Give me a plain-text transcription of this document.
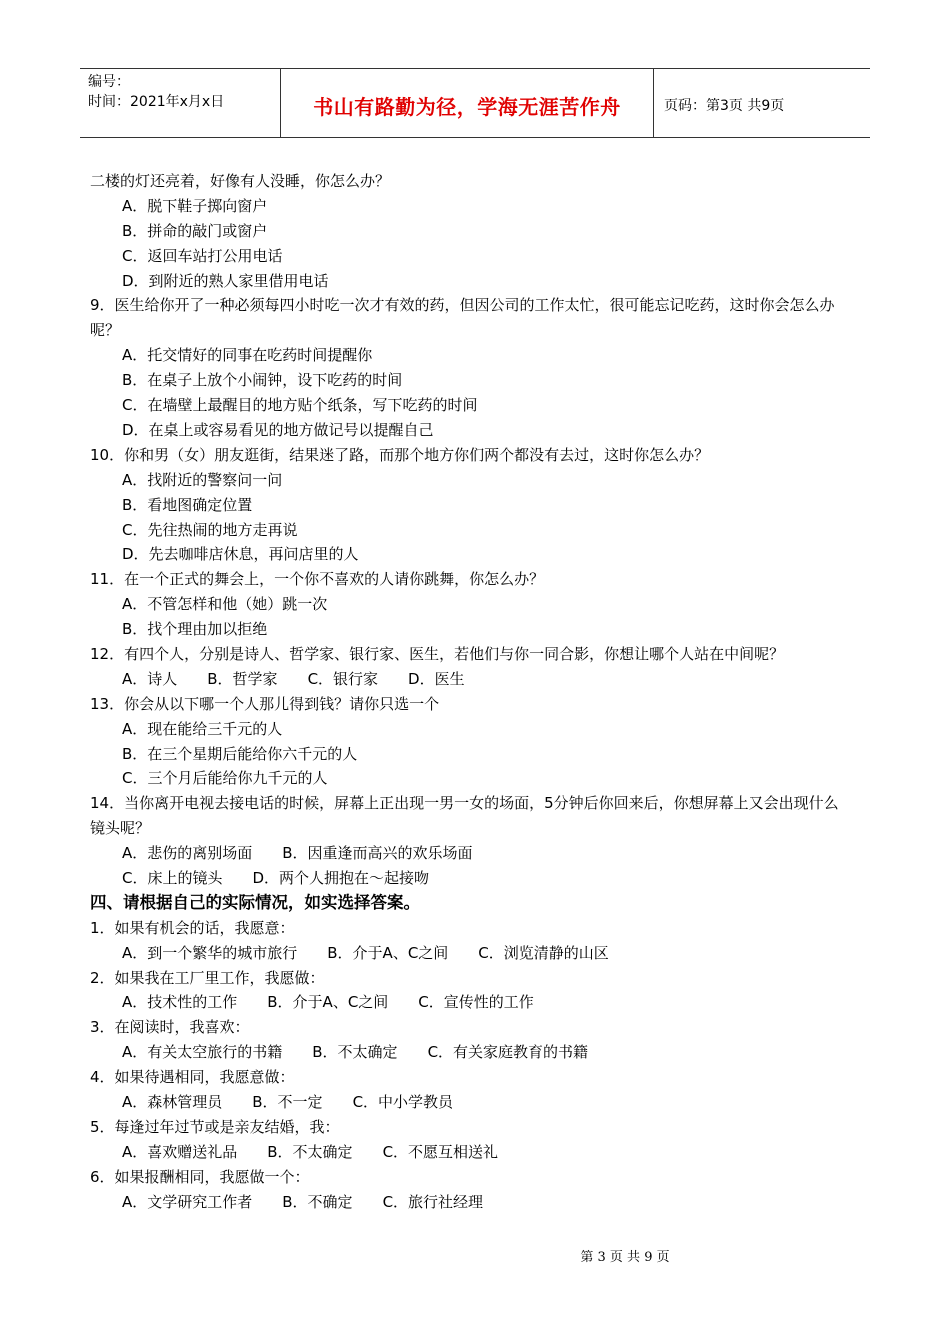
编号：
时间：2021年x月x日	书山有路勤为径，学海无涯苦作舟	页码：第3页 共9页
二楼的灯还亮着，好像有人没睡，你怎么办？
A．脱下鞋子掷向窗户
B．拼命的敲门或窗户
C．返回车站打公用电话
D．到附近的熟人家里借用电话
9．医生给你开了一种必须每四小时吃一次才有效的药，但因公司的工作太忙，很可能忘记吃药，这时你会怎么办呢？
A．托交情好的同事在吃药时间提醒你
B．在桌子上放个小闹钟，设下吃药的时间
C．在墙壁上最醒目的地方贴个纸条，写下吃药的时间
D．在桌上或容易看见的地方做记号以提醒自己
10．你和男（女）朋友逛街，结果迷了路，而那个地方你们两个都没有去过，这时你怎么办？
A．找附近的警察问一问
B．看地图确定位置
C．先往热闹的地方走再说
D．先去咖啡店休息，再问店里的人
11．在一个正式的舞会上，一个你不喜欢的人请你跳舞，你怎么办？
A．不管怎样和他（她）跳一次
B．找个理由加以拒绝
12．有四个人，分别是诗人、哲学家、银行家、医生，若他们与你一同合影，你想让哪个人站在中间呢？
A．诗人 B．哲学家 C．银行家 D．医生
13．你会从以下哪一个人那儿得到钱？请你只选一个
A．现在能给三千元的人
B．在三个星期后能给你六千元的人
C．三个月后能给你九千元的人
14．当你离开电视去接电话的时候，屏幕上正出现一男一女的场面，5分钟后你回来后，你想屏幕上又会出现什么镜头呢？
A．悲伤的离别场面 B．因重逢而高兴的欢乐场面
C．床上的镜头 D．两个人拥抱在～起接吻
四、请根据自己的实际情况，如实选择答案。
1．如果有机会的话，我愿意：
A．到一个繁华的城市旅行 B．介于A、C之间 C．浏览清静的山区
2．如果我在工厂里工作，我愿做：
A．技术性的工作 B．介于A、C之间 C．宣传性的工作
3．在阅读时，我喜欢：
A．有关太空旅行的书籍 B．不太确定 C．有关家庭教育的书籍
4．如果待遇相同，我愿意做：
A．森林管理员 B．不一定 C．中小学教员
5．每逢过年过节或是亲友结婚，我：
A．喜欢赠送礼品 B．不太确定 C．不愿互相送礼
6．如果报酬相同，我愿做一个：
A．文学研究工作者 B．不确定 C．旅行社经理
第 3 页 共 9 页
